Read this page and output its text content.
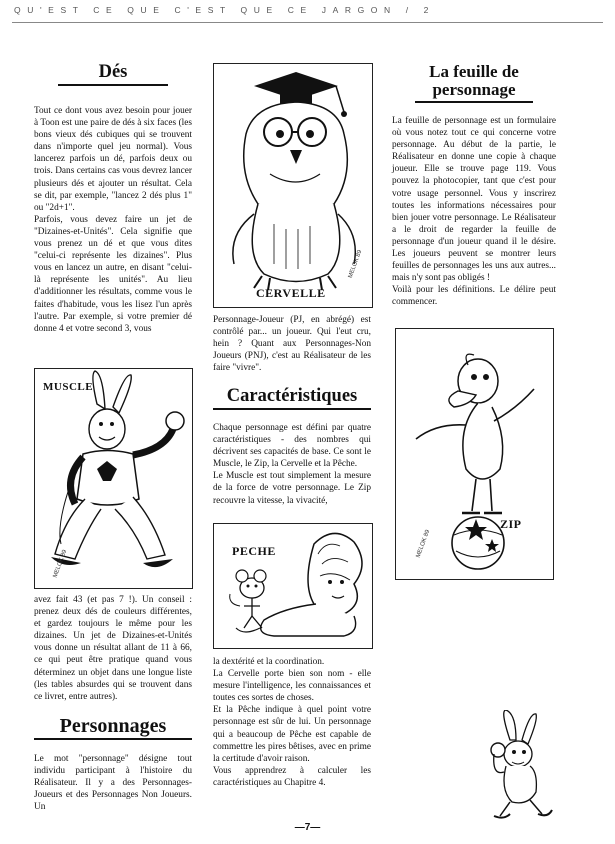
QU'EST CE QUE C'EST QUE CE JARGON / 2
Dés

Tout ce dont vous avez besoin pour jouer à Toon est une paire de dés à six faces (les bons vieux dés cubiques qui se trouvent dans n'importe quel jeu normal). Vous lancerez parfois un dé, parfois deux ou trois. Dans certains cas vous devrez lancer plusieurs dés et ajouter un résultat. Cela se dit, par exemple, "lancez 2 dés plus 1" ou "2d+1".

Parfois, vous devez faire un jet de "Dizaines-et-Unités". Cela signifie que vous prenez un dé et que vous dites "celui-ci représente les dizaines". Plus vous en lancez un autre, en disant "celui-là représente les unités". Au lieu d'additionner les résultats, comme vous le faites d'habitude, vous les lisez l'un après l'autre. Par exemple, si votre premier dé donne 4 et votre second 3, vous

MELOK 89
MUSCLE

avez fait 43 (et pas 7 !). Un conseil : prenez deux dés de couleurs différentes, et gardez toujours le même pour les dizaines. Un jet de Dizaines-et-Unités vous donne un résultat allant de 11 à 66, ce qui peut être pratique quand vous déterminez un objet dans une longue liste (les tables absurdes qui se trouvent dans ce livret, entre autres).

Personnages

Le mot "personnage" désigne tout individu participant à l'histoire du Réalisateur. Il y a des Personnages-Joueurs et des Personnages Non Joueurs. Un

MELOK 89
CERVELLE

Personnage-Joueur (PJ, en abrégé) est contrôlé par... un joueur. Qui l'eut cru, hein ? Quant aux Personnages-Non Joueurs (PNJ), c'est au Réalisateur de les faire "vivre".

Caractéristiques

Chaque personnage est défini par quatre caractéristiques - des nombres qui décrivent ses capacités de base. Ce sont le Muscle, le Zip, la Cervelle et la Pêche.

Le Muscle est tout simplement la mesure de la force de votre personnage. Le Zip recouvre la vitesse, la vivacité,

PECHE

la dextérité et la coordination.

La Cervelle porte bien son nom - elle mesure l'intelligence, les connaissances et toutes ces sortes de choses.

Et la Pêche indique à quel point votre personnage est sûr de lui. Un personnage qui a beaucoup de Pêche est capable de commettre les pires bêtises, avec en prime la certitude d'avoir raison.

Vous apprendrez à calculer les caractéristiques au Chapitre 4.

La feuille de personnage

La feuille de personnage est un formulaire où vous notez tout ce qui concerne votre personnage. Au début de la partie, le Réalisateur en donne une copie à chaque joueur. Elle se trouve page 119. Vous pouvez la photocopier, tant que c'est pour votre usage personnel. Vous y inscrirez toutes les informations nécessaires pour bien jouer votre personnage. Le Réalisateur a le droit de regarder la feuille de personnage d'un joueur quand il le désire. Les joueurs peuvent se montrer leurs feuilles de personnages les uns aux autres... mais n'y sont pas obligés !

Voilà pour les définitions. Le délire peut commencer.

MELOK 89
ZIP
—7—
